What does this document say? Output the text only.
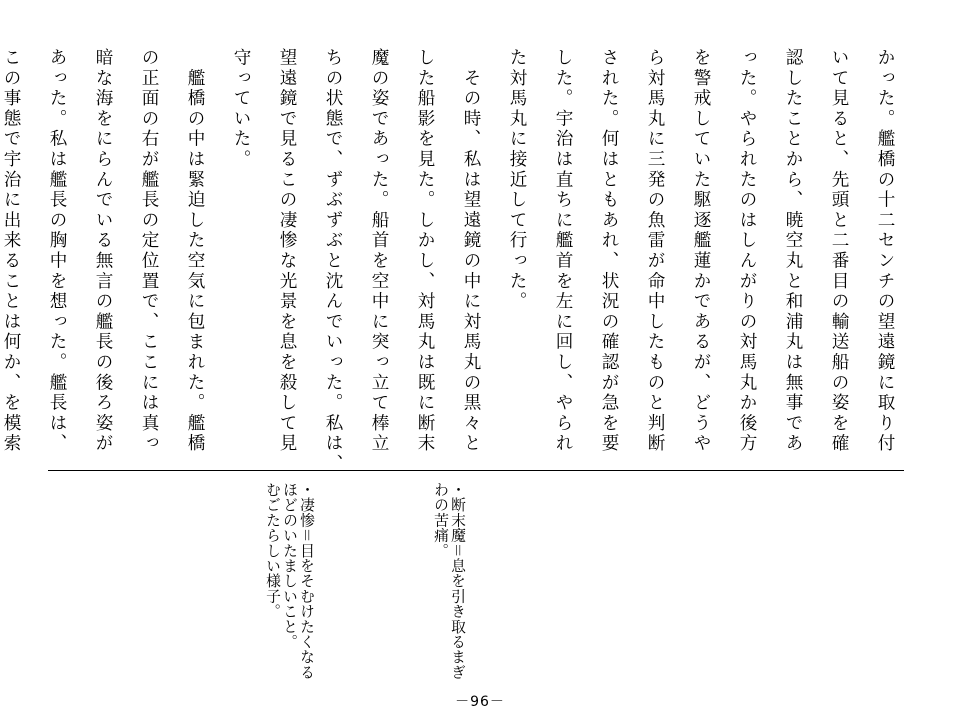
かった。艦橋の十二センチの望遠鏡に取り付

いて見ると、先頭と二番目の輸送船の姿を確

認したことから、暁空丸と和浦丸は無事であ

った。やられたのはしんがりの対馬丸か後方

を警戒していた駆逐艦蓮かであるが、どうや

ら対馬丸に三発の魚雷が命中したものと判断

された。何はともあれ、状況の確認が急を要

した。宇治は直ちに艦首を左に回し、やられ

た対馬丸に接近して行った。

　その時、私は望遠鏡の中に対馬丸の黒々と

した船影を見た。しかし、対馬丸は既に断末

魔の姿であった。船首を空中に突っ立て棒立

ちの状態で、ずぶずぶと沈んでいった。私は、

望遠鏡で見るこの凄惨な光景を息を殺して見

守っていた。

　艦橋の中は緊迫した空気に包まれた。艦橋

の正面の右が艦長の定位置で、ここには真っ

暗な海をにらんでいる無言の艦長の後ろ姿が

あった。私は艦長の胸中を想った。艦長は、

この事態で宇治に出来ることは何か、を模索

・断末魔＝息を引き取るまぎ

わの苦痛。

・凄惨＝目をそむけたくなる

ほどのいたましいこと。

むごたらしい様子。

－96－
